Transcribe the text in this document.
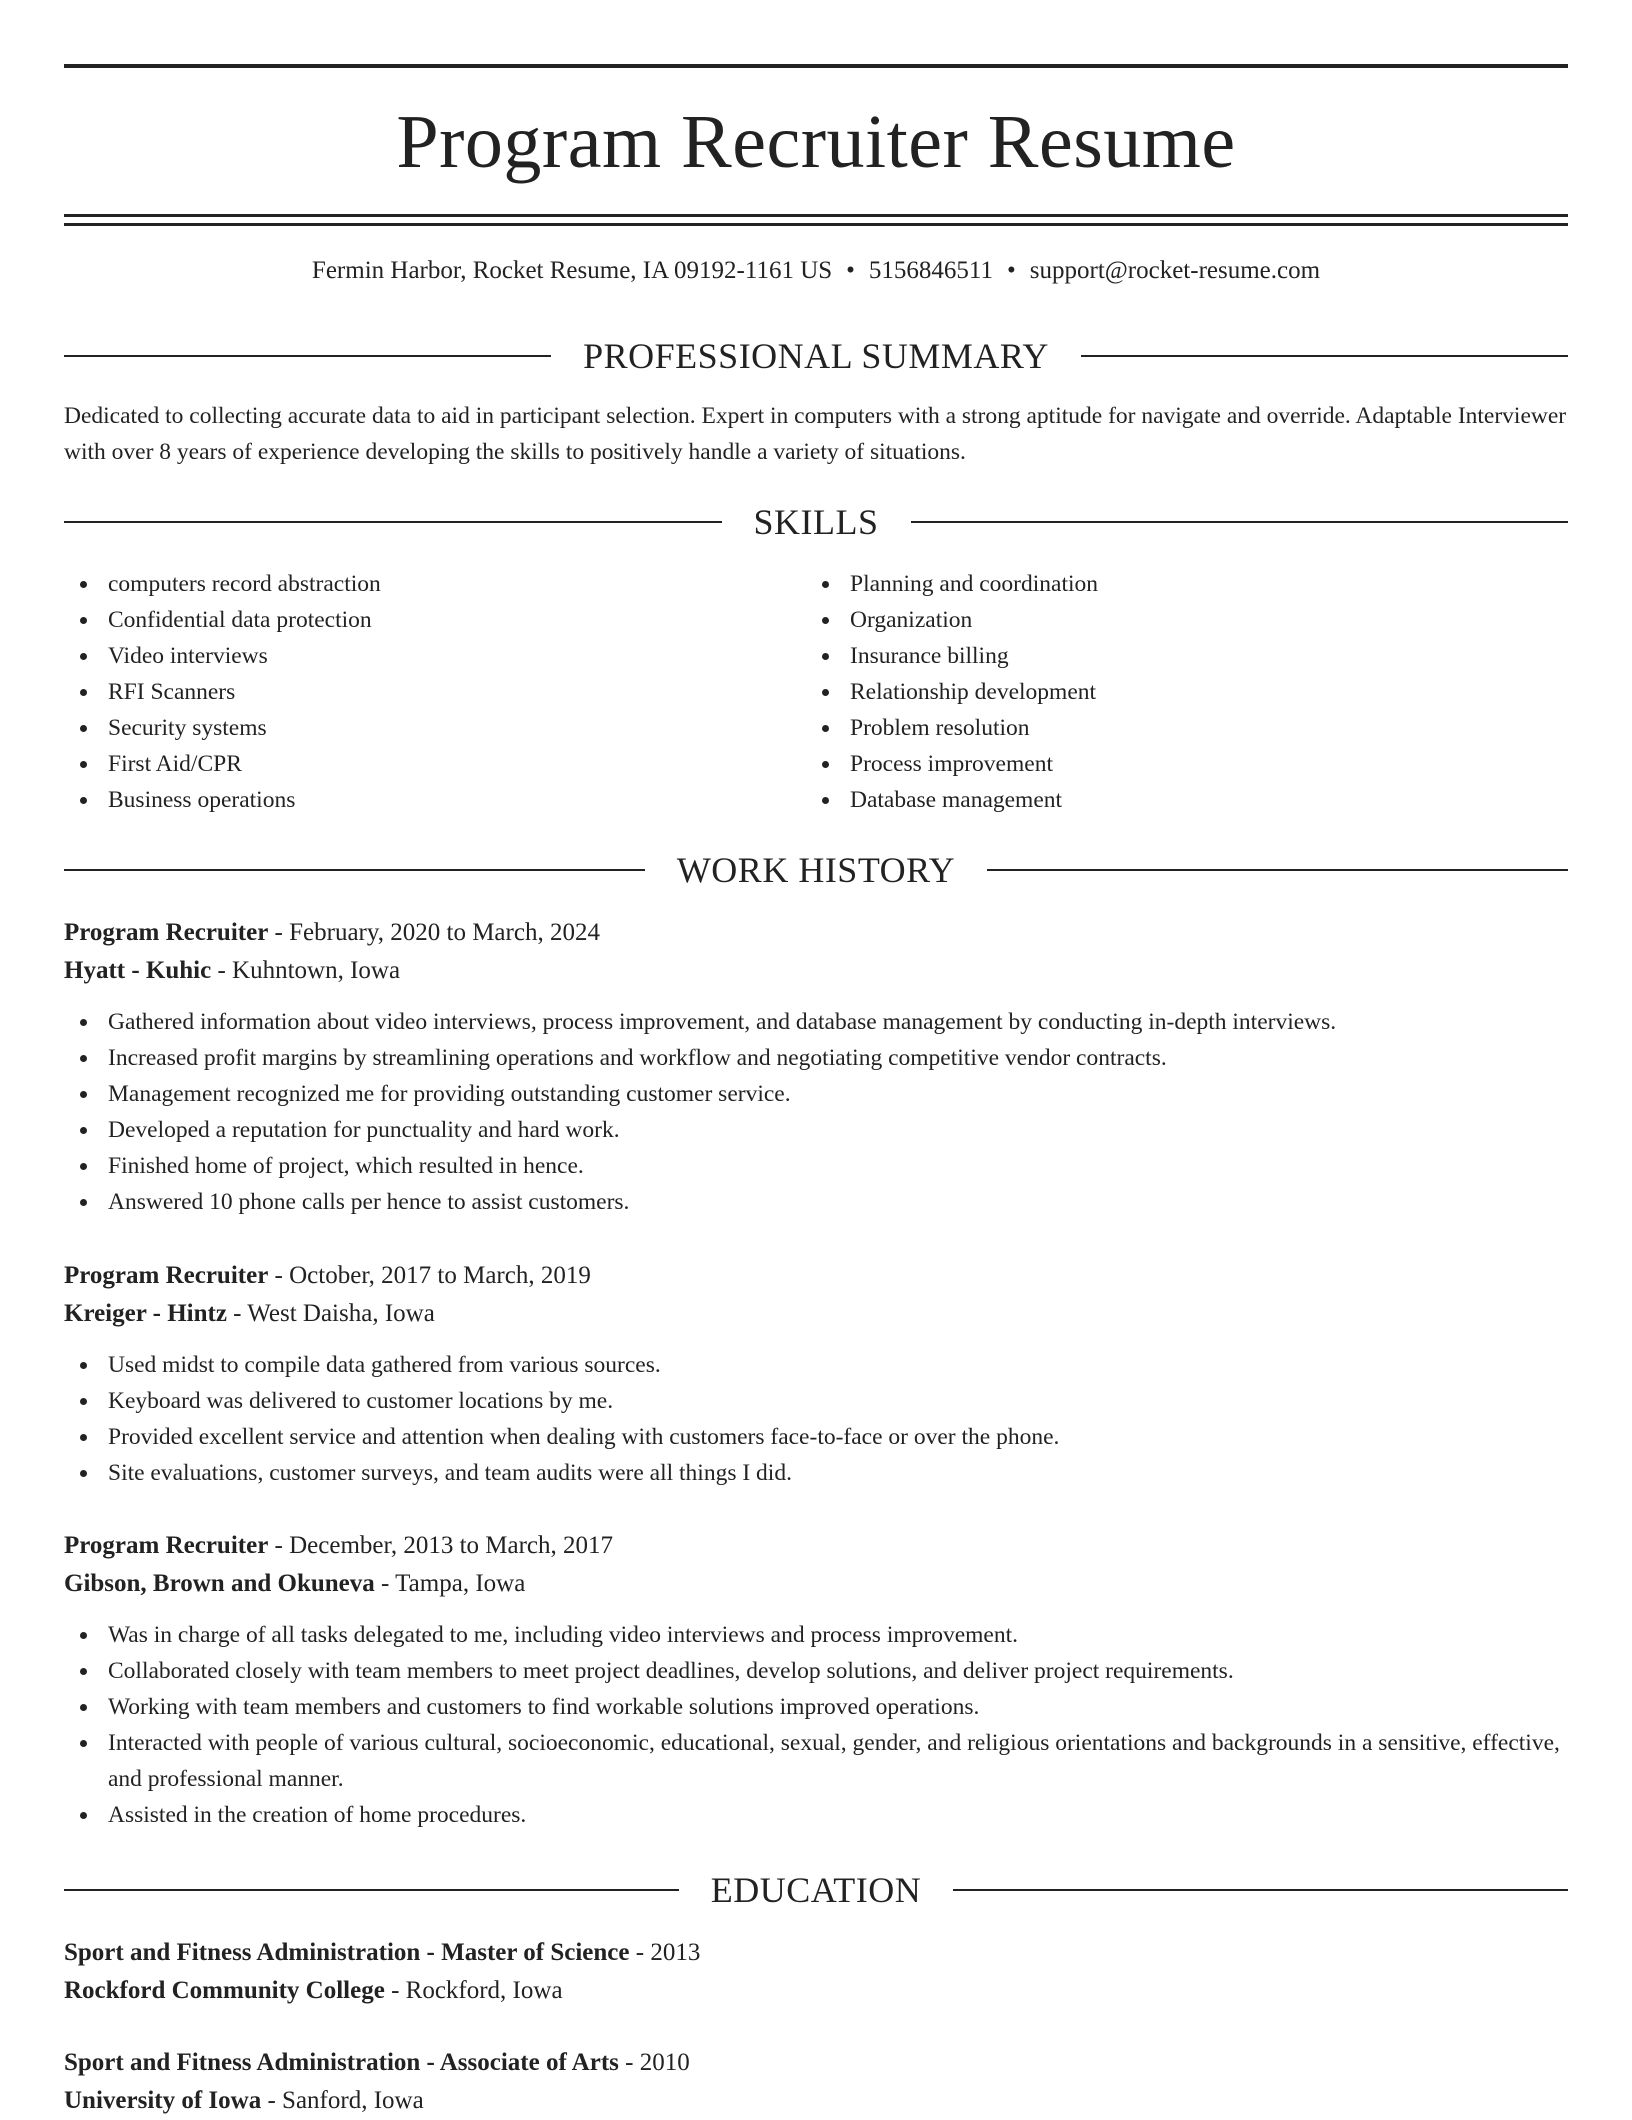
Program Recruiter Resume
Fermin Harbor, Rocket Resume, IA 09192-1161 US • 5156846511 • support@rocket-resume.com
PROFESSIONAL SUMMARY

Dedicated to collecting accurate data to aid in participant selection. Expert in computers with a strong aptitude for navigate and override. Adaptable Interviewer with over 8 years of experience developing the skills to positively handle a variety of situations.

SKILLS
computers record abstraction
Confidential data protection
Video interviews
RFI Scanners
Security systems
First Aid/CPR
Business operations
Planning and coordination
Organization
Insurance billing
Relationship development
Problem resolution
Process improvement
Database management
WORK HISTORY
Program Recruiter - February, 2020 to March, 2024
Hyatt - Kuhic - Kuhntown, Iowa
Gathered information about video interviews, process improvement, and database management by conducting in-depth interviews.
Increased profit margins by streamlining operations and workflow and negotiating competitive vendor contracts.
Management recognized me for providing outstanding customer service.
Developed a reputation for punctuality and hard work.
Finished home of project, which resulted in hence.
Answered 10 phone calls per hence to assist customers.
Program Recruiter - October, 2017 to March, 2019
Kreiger - Hintz - West Daisha, Iowa
Used midst to compile data gathered from various sources.
Keyboard was delivered to customer locations by me.
Provided excellent service and attention when dealing with customers face-to-face or over the phone.
Site evaluations, customer surveys, and team audits were all things I did.
Program Recruiter - December, 2013 to March, 2017
Gibson, Brown and Okuneva - Tampa, Iowa
Was in charge of all tasks delegated to me, including video interviews and process improvement.
Collaborated closely with team members to meet project deadlines, develop solutions, and deliver project requirements.
Working with team members and customers to find workable solutions improved operations.
Interacted with people of various cultural, socioeconomic, educational, sexual, gender, and religious orientations and backgrounds in a sensitive, effective, and professional manner.
Assisted in the creation of home procedures.
EDUCATION
Sport and Fitness Administration - Master of Science - 2013
Rockford Community College - Rockford, Iowa
Sport and Fitness Administration - Associate of Arts - 2010
University of Iowa - Sanford, Iowa
